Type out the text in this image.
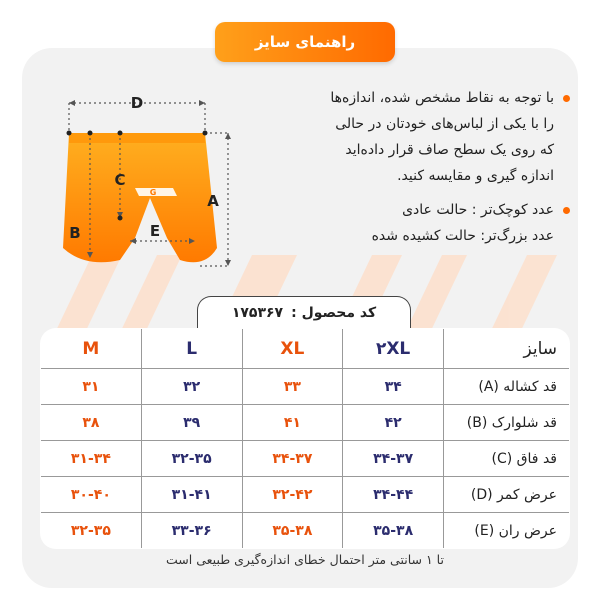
راهنمای سایز
G
D
A
B
C
E
با توجه به نقاط مشخص شده، اندازه‌ها
را با یکی از لباس‌های خودتان در حالی
که روی یک سطح صاف قرار داده‌اید
اندازه گیری و مقایسه کنید.
عدد کوچک‌تر : حالت عادی
عدد بزرگ‌تر: حالت کشیده شده
کد محصول :
۱۷۵۳۶۷
سایز	۲XL	XL	L	M
قد کشاله (A)	۳۴	۳۳	۳۲	۳۱
قد شلوارک (B)	۴۲	۴۱	۳۹	۳۸
قد فاق (C)	۳۴-۳۷	۳۴-۳۷	۳۲-۳۵	۳۱-۳۴
عرض کمر (D)	۳۴-۴۴	۳۲-۴۲	۳۱-۴۱	۳۰-۴۰
عرض ران (E)	۳۵-۳۸	۳۵-۳۸	۳۳-۳۶	۳۲-۳۵
تا ۱ سانتی متر احتمال خطای اندازه‌گیری طبیعی است
